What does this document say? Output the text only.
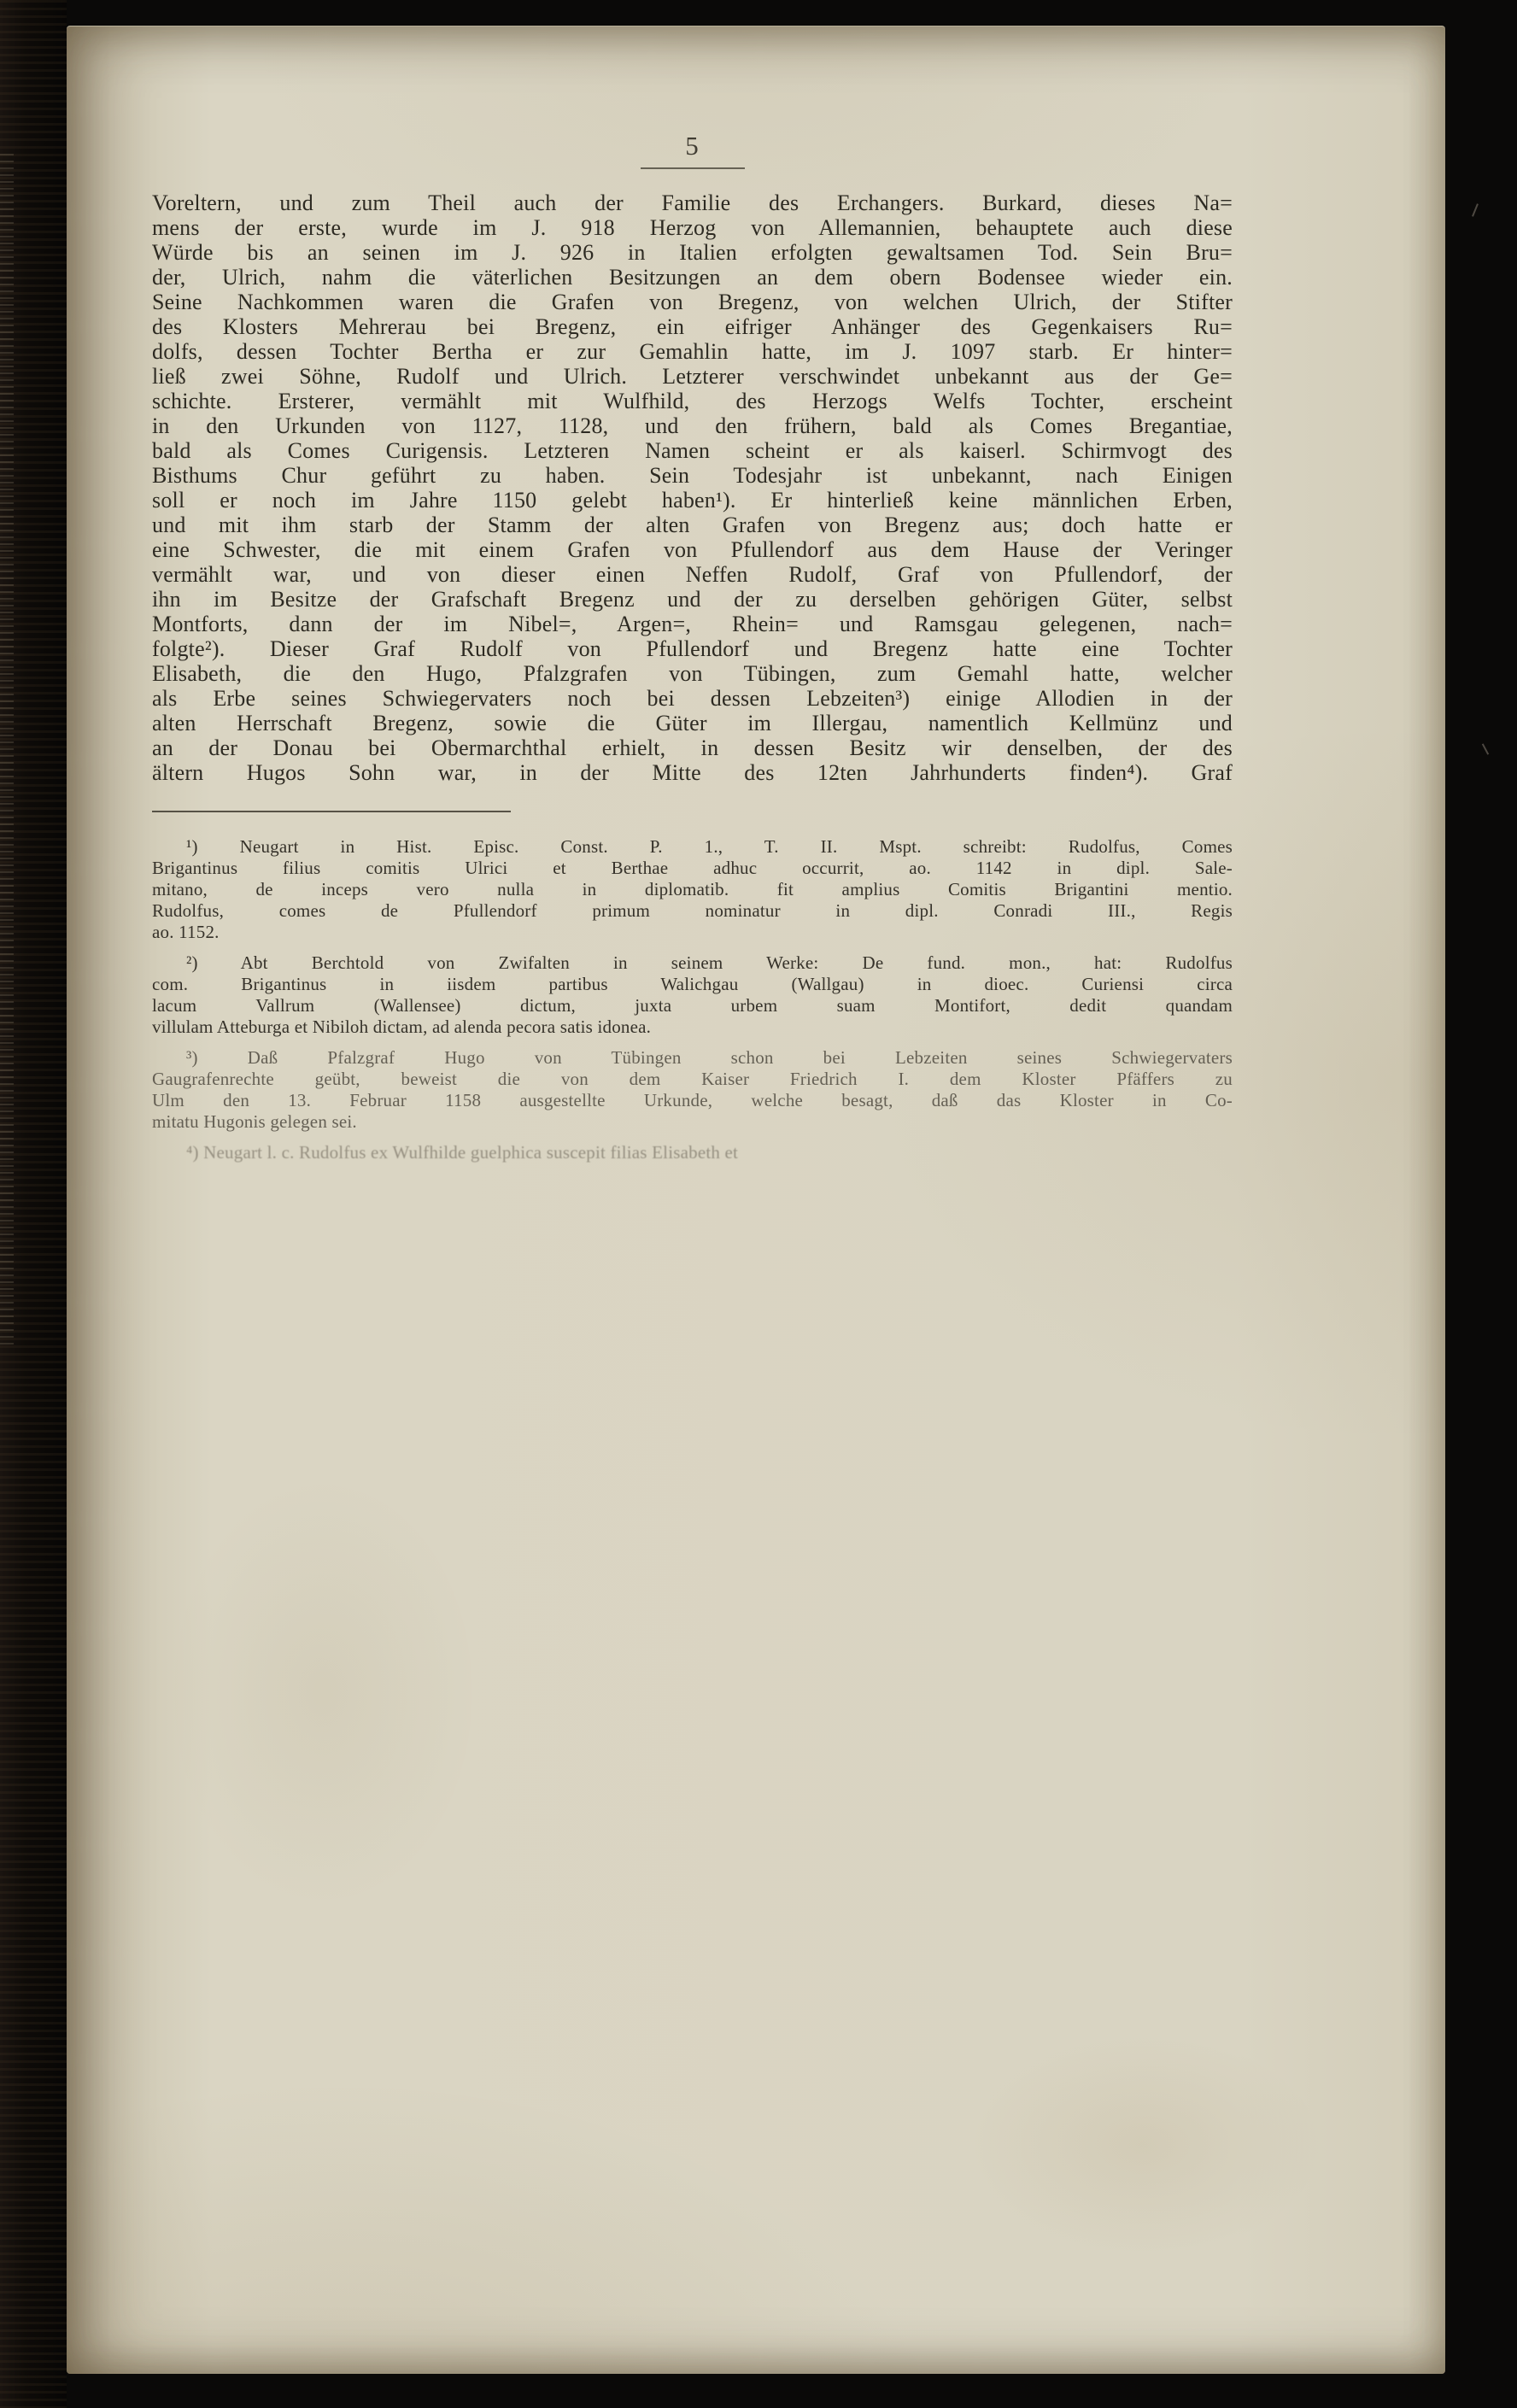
5
Voreltern, und zum Theil auch der Familie des Erchangers. Burkard, dieses Na=
mens der erste, wurde im J. 918 Herzog von Allemannien, behauptete auch diese
Würde bis an seinen im J. 926 in Italien erfolgten gewaltsamen Tod. Sein Bru=
der, Ulrich, nahm die väterlichen Besitzungen an dem obern Bodensee wieder ein.
Seine Nachkommen waren die Grafen von Bregenz, von welchen Ulrich, der Stifter
des Klosters Mehrerau bei Bregenz, ein eifriger Anhänger des Gegenkaisers Ru=
dolfs, dessen Tochter Bertha er zur Gemahlin hatte, im J. 1097 starb. Er hinter=
ließ zwei Söhne, Rudolf und Ulrich. Letzterer verschwindet unbekannt aus der Ge=
schichte. Ersterer, vermählt mit Wulfhild, des Herzogs Welfs Tochter, erscheint
in den Urkunden von 1127, 1128, und den frühern, bald als Comes Bregantiae,
bald als Comes Curigensis. Letzteren Namen scheint er als kaiserl. Schirmvogt des
Bisthums Chur geführt zu haben. Sein Todesjahr ist unbekannt, nach Einigen
soll er noch im Jahre 1150 gelebt haben¹). Er hinterließ keine männlichen Erben,
und mit ihm starb der Stamm der alten Grafen von Bregenz aus; doch hatte er
eine Schwester, die mit einem Grafen von Pfullendorf aus dem Hause der Veringer
vermählt war, und von dieser einen Neffen Rudolf, Graf von Pfullendorf, der
ihn im Besitze der Grafschaft Bregenz und der zu derselben gehörigen Güter, selbst
Montforts, dann der im Nibel=, Argen=, Rhein= und Ramsgau gelegenen, nach=
folgte²). Dieser Graf Rudolf von Pfullendorf und Bregenz hatte eine Tochter
Elisabeth, die den Hugo, Pfalzgrafen von Tübingen, zum Gemahl hatte, welcher
als Erbe seines Schwiegervaters noch bei dessen Lebzeiten³) einige Allodien in der
alten Herrschaft Bregenz, sowie die Güter im Illergau, namentlich Kellmünz und
an der Donau bei Obermarchthal erhielt, in dessen Besitz wir denselben, der des
ältern Hugos Sohn war, in der Mitte des 12ten Jahrhunderts finden⁴). Graf
¹) Neugart in Hist. Episc. Const. P. 1., T. II. Mspt. schreibt: Rudolfus, Comes
Brigantinus filius comitis Ulrici et Berthae adhuc occurrit, ao. 1142 in dipl. Sale-
mitano, de inceps vero nulla in diplomatib. fit amplius Comitis Brigantini mentio.
Rudolfus, comes de Pfullendorf primum nominatur in dipl. Conradi III., Regis
ao. 1152.
²) Abt Berchtold von Zwifalten in seinem Werke: De fund. mon., hat: Rudolfus
com. Brigantinus in iisdem partibus Walichgau (Wallgau) in dioec. Curiensi circa
lacum Vallrum (Wallensee) dictum, juxta urbem suam Montifort, dedit quandam
villulam Atteburga et Nibiloh dictam, ad alenda pecora satis idonea.
³) Daß Pfalzgraf Hugo von Tübingen schon bei Lebzeiten seines Schwiegervaters
Gaugrafenrechte geübt, beweist die von dem Kaiser Friedrich I. dem Kloster Pfäffers zu
Ulm den 13. Februar 1158 ausgestellte Urkunde, welche besagt, daß das Kloster in Co-
mitatu Hugonis gelegen sei.
⁴) Neugart l. c. Rudolfus ex Wulfhilde guelphica suscepit filias Elisabeth et
